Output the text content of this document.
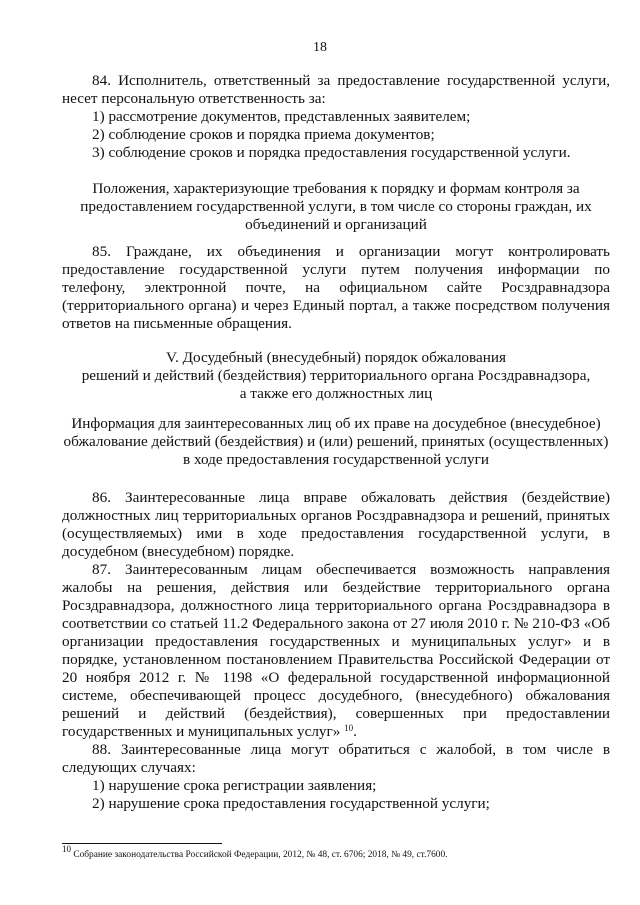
18

84. Исполнитель, ответственный за предоставление государственной услуги, несет персональную ответственность за:

1) рассмотрение документов, представленных заявителем;

2) соблюдение сроков и порядка приема документов;

3) соблюдение сроков и порядка предоставления государственной услуги.

Положения, характеризующие требования к порядку и формам контроля за предоставлением государственной услуги, в том числе со стороны граждан, их объединений и организаций

85. Граждане, их объединения и организации могут контролировать предоставление государственной услуги путем получения информации по телефону, электронной почте, на официальном сайте Росздравнадзора (территориального органа) и через Единый портал, а также посредством получения ответов на письменные обращения.

V. Досудебный (внесудебный) порядок обжалования

решений и действий (бездействия) территориального органа Росздравнадзора,

а также его должностных лиц

Информация для заинтересованных лиц об их праве на досудебное (внесудебное) обжалование действий (бездействия) и (или) решений, принятых (осуществленных) в ходе предоставления государственной услуги

86. Заинтересованные лица вправе обжаловать действия (бездействие) должностных лиц территориальных органов Росздравнадзора и решений, принятых (осуществляемых) ими в ходе предоставления государственной услуги, в досудебном (внесудебном) порядке.

87. Заинтересованным лицам обеспечивается возможность направления жалобы на решения, действия или бездействие территориального органа Росздравнадзора, должностного лица территориального органа Росздравнадзора в соответствии со статьей 11.2 Федерального закона от 27 июля 2010 г. № 210-ФЗ «Об организации предоставления государственных и муниципальных услуг» и в порядке, установленном постановлением Правительства Российской Федерации от 20 ноября 2012 г. № 1198 «О федеральной государственной информационной системе, обеспечивающей процесс досудебного, (внесудебного) обжалования решений и действий (бездействия), совершенных при предоставлении государственных и муниципальных услуг» $^{10}$.

88. Заинтересованные лица могут обратиться с жалобой, в том числе в следующих случаях:

1) нарушение срока регистрации заявления;

2) нарушение срока предоставления государственной услуги;

$^{10}$ Собрание законодательства Российской Федерации, 2012, № 48, ст. 6706; 2018, № 49, ст.7600.
